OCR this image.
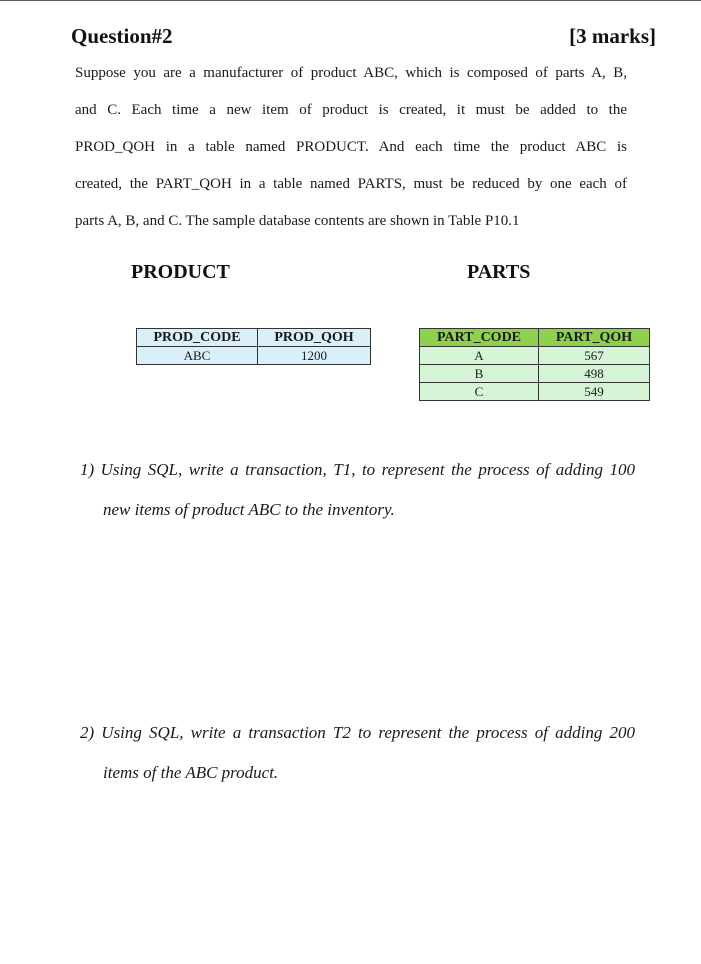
Question#2	[3 marks]

Suppose you are a manufacturer of product ABC, which is composed of parts A, B,
and C. Each time a new item of product is created, it must be added to the
PROD_QOH in a table named PRODUCT. And each time the product ABC is
created, the PART_QOH in a table named PARTS, must be reduced by one each of
parts A, B, and C. The sample database contents are shown in Table P10.1

PRODUCT	PARTS
PROD_CODE	PROD_QOH
ABC	1200
PART_CODE	PART_QOH
A	567
B	498
C	549
1) Using SQL, write a transaction, T1, to represent the process of adding 100
new items of product ABC to the inventory.
2) Using SQL, write a transaction T2 to represent the process of adding 200
items of the ABC product.
